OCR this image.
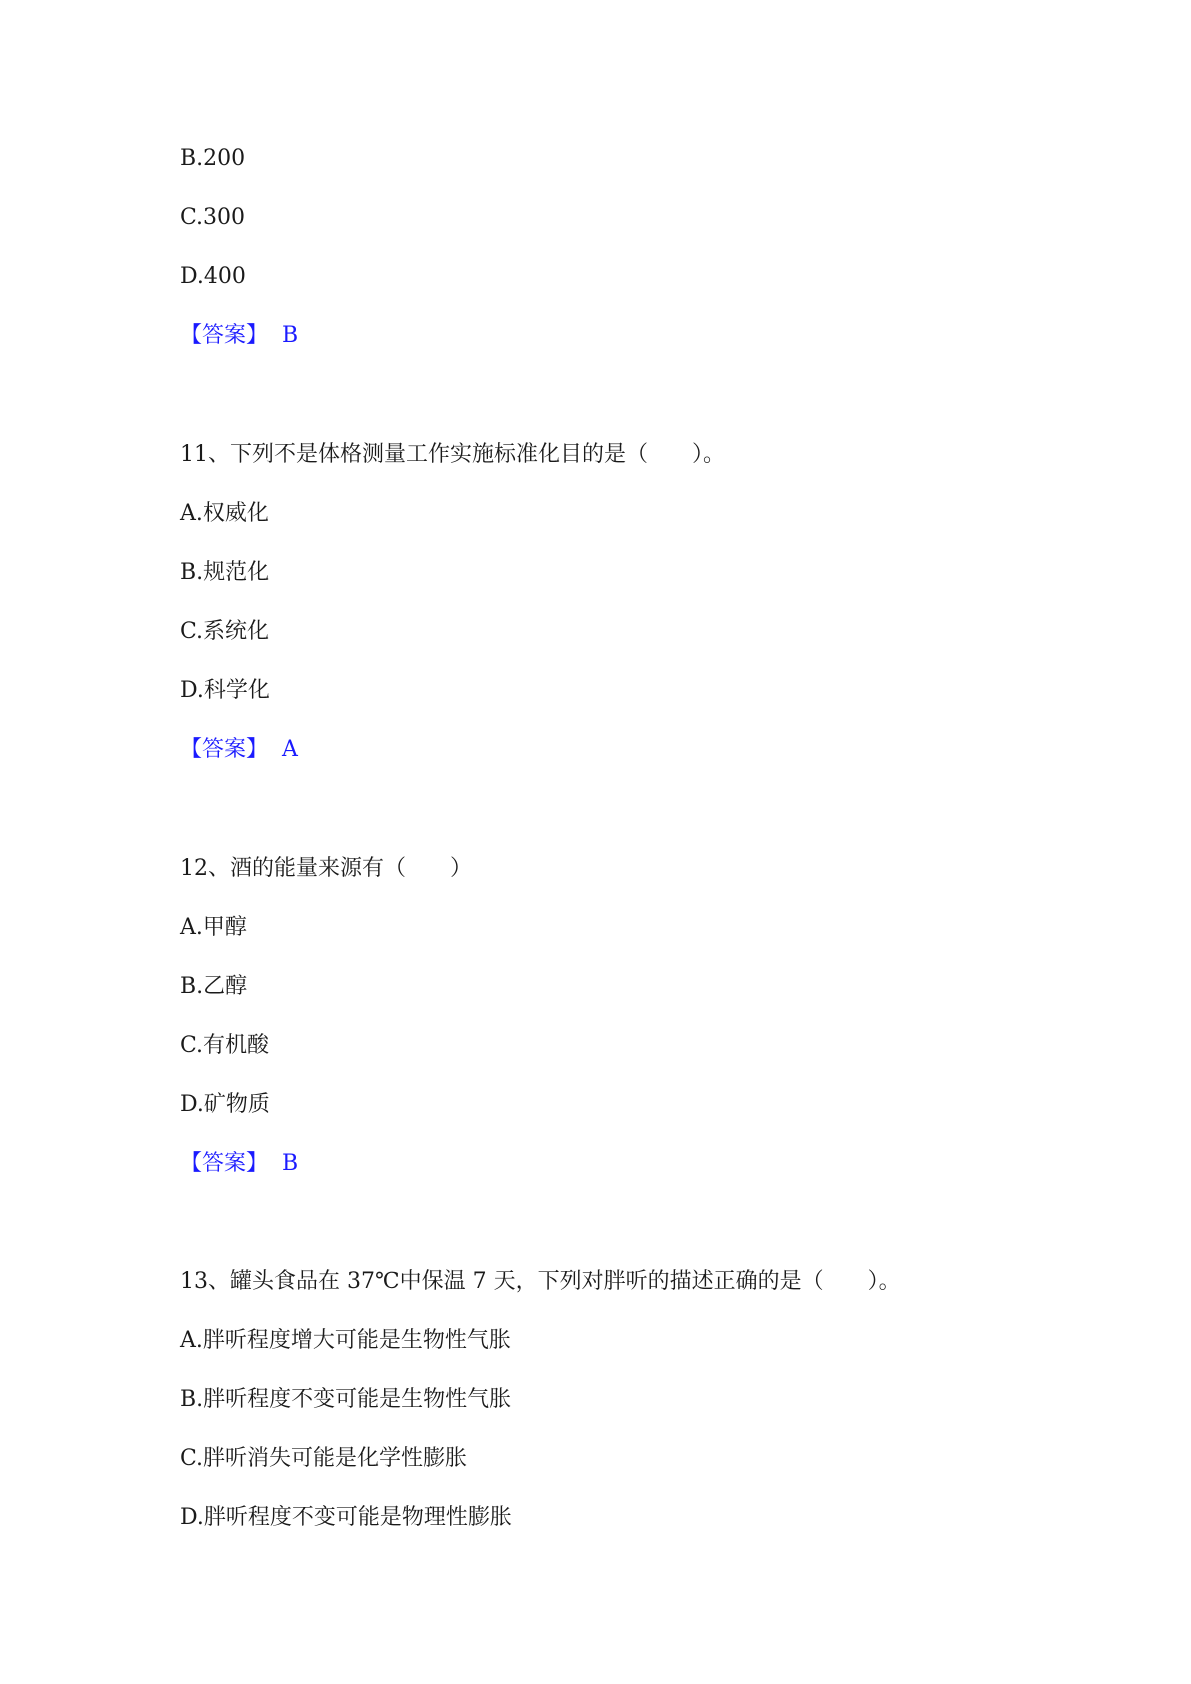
B.200
C.300
D.400
【答案】 B
11、下列不是体格测量工作实施标准化目的是（　　）。
A.权威化
B.规范化
C.系统化
D.科学化
【答案】 A
12、酒的能量来源有（　　）
A.甲醇
B.乙醇
C.有机酸
D.矿物质
【答案】 B
13、罐头食品在 37℃中保温 7 天，下列对胖听的描述正确的是（　　）。
A.胖听程度增大可能是生物性气胀
B.胖听程度不变可能是生物性气胀
C.胖听消失可能是化学性膨胀
D.胖听程度不变可能是物理性膨胀
